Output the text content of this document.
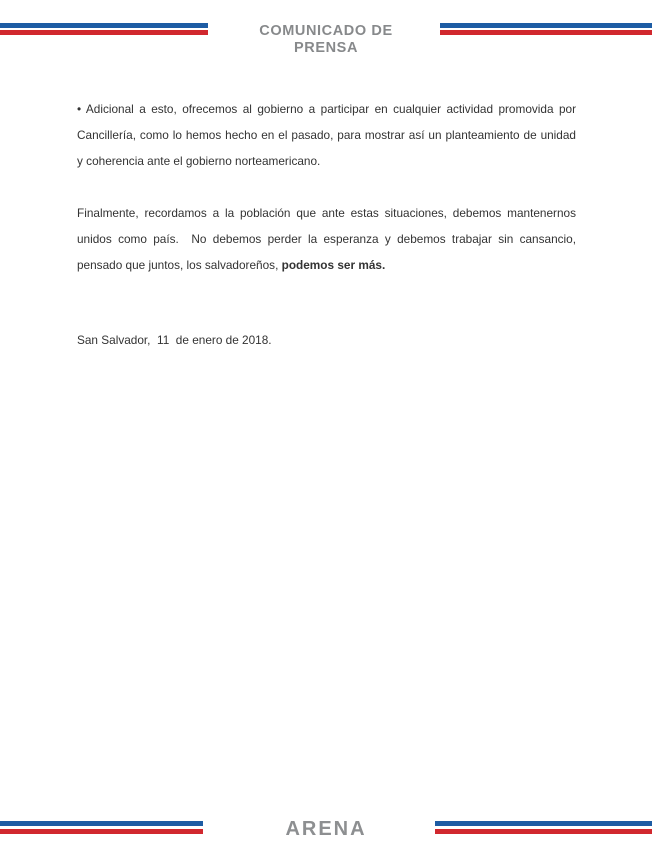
COMUNICADO DE
PRENSA

• Adicional a esto, ofrecemos al gobierno a participar en cualquier actividad promovida por Cancillería, como lo hemos hecho en el pasado, para mostrar así un planteamiento de unidad y coherencia ante el gobierno norteamericano.

Finalmente, recordamos a la población que ante estas situaciones, debemos mantenernos unidos como país.  No debemos perder la esperanza y debemos trabajar sin cansancio, pensado que juntos, los salvadoreños, podemos ser más.

San Salvador,  11  de enero de 2018.

ARENA
